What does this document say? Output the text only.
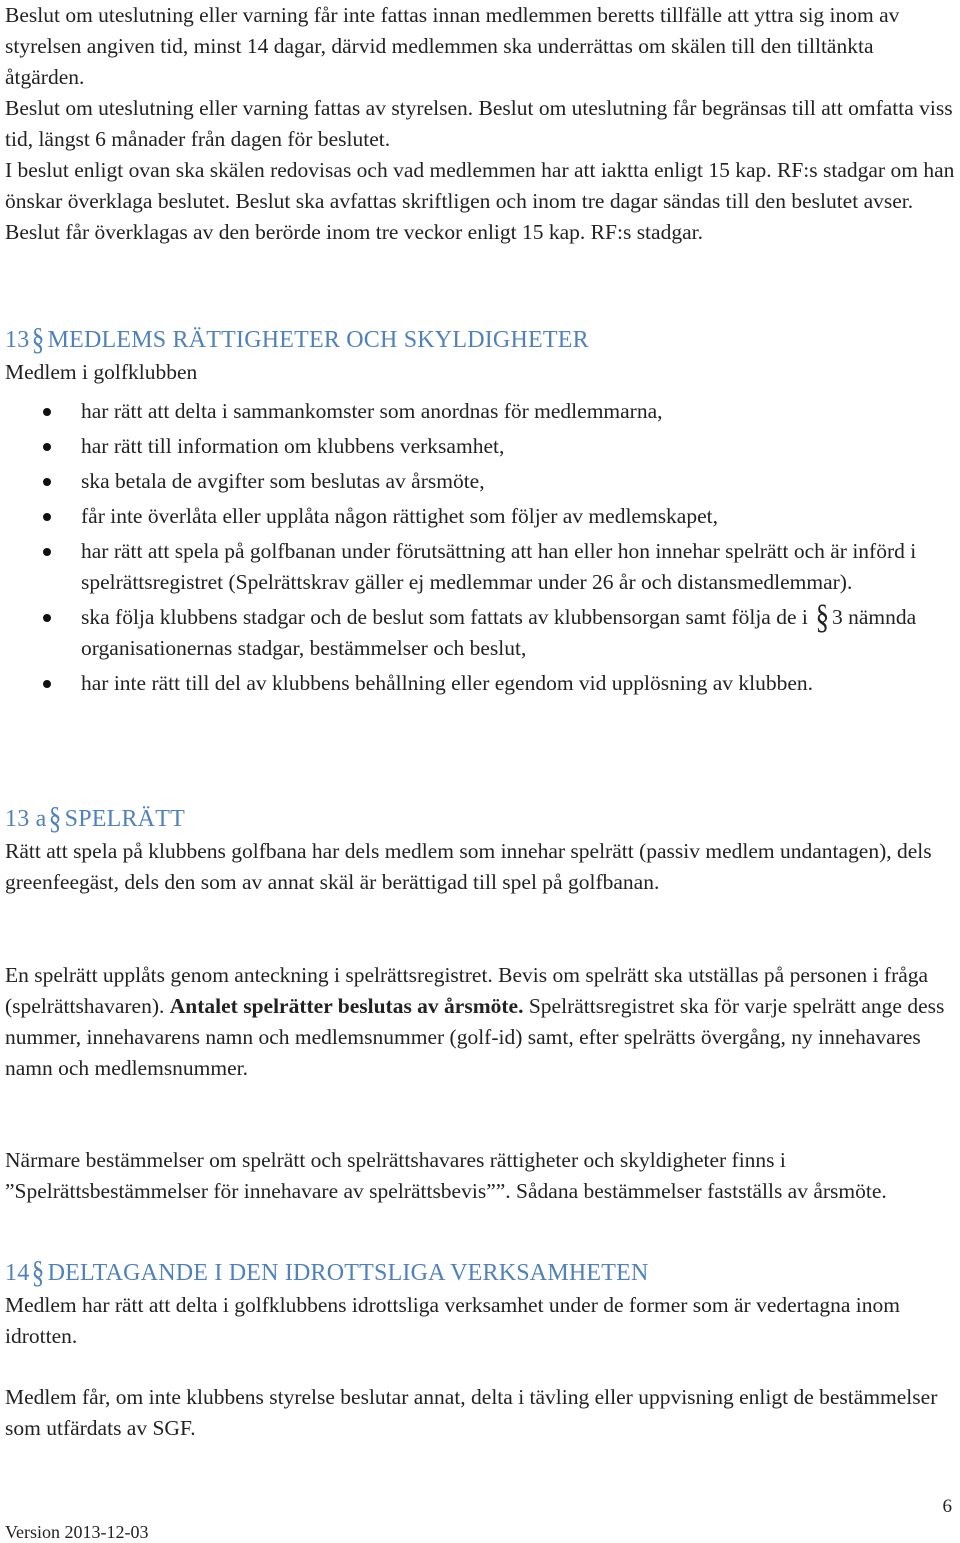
Beslut om uteslutning eller varning får inte fattas innan medlemmen beretts tillfälle att yttra sig inom av styrelsen angiven tid, minst 14 dagar, därvid medlemmen ska underrättas om skälen till den tilltänkta åtgärden.

Beslut om uteslutning eller varning fattas av styrelsen. Beslut om uteslutning får begränsas till att omfatta viss tid, längst 6 månader från dagen för beslutet.

I beslut enligt ovan ska skälen redovisas och vad medlemmen har att iaktta enligt 15 kap. RF:s stadgar om han önskar överklaga beslutet. Beslut ska avfattas skriftligen och inom tre dagar sändas till den beslutet avser. Beslut får överklagas av den berörde inom tre veckor enligt 15 kap. RF:s stadgar.

13 § MEDLEMS RÄTTIGHETER OCH SKYLDIGHETER

Medlem i golfklubben

har rätt att delta i sammankomster som anordnas för medlemmarna,
har rätt till information om klubbens verksamhet,
ska betala de avgifter som beslutas av årsmöte,
får inte överlåta eller upplåta någon rättighet som följer av medlemskapet,
har rätt att spela på golfbanan under förutsättning att han eller hon innehar spelrätt och är införd i spelrättsregistret (Spelrättskrav gäller ej medlemmar under 26 år och distansmedlemmar).
ska följa klubbens stadgar och de beslut som fattats av klubbensorgan samt följa de i § 3 nämnda organisationernas stadgar, bestämmelser och beslut,
har inte rätt till del av klubbens behållning eller egendom vid upplösning av klubben.
13 a § SPELRÄTT

Rätt att spela på klubbens golfbana har dels medlem som innehar spelrätt (passiv medlem undantagen), dels greenfeegäst, dels den som av annat skäl är berättigad till spel på golfbanan.

En spelrätt upplåts genom anteckning i spelrättsregistret. Bevis om spelrätt ska utställas på personen i fråga (spelrättshavaren). Antalet spelrätter beslutas av årsmöte. Spelrättsregistret ska för varje spelrätt ange dess nummer, innehavarens namn och medlemsnummer (golf-id) samt, efter spelrätts övergång, ny innehavares namn och medlemsnummer.

Närmare bestämmelser om spelrätt och spelrättshavares rättigheter och skyldigheter finns i ”Spelrättsbestämmelser för innehavare av spelrättsbevis””. Sådana bestämmelser fastställs av årsmöte.

14 § DELTAGANDE I DEN IDROTTSLIGA VERKSAMHETEN

Medlem har rätt att delta i golfklubbens idrottsliga verksamhet under de former som är vedertagna inom idrotten.

Medlem får, om inte klubbens styrelse beslutar annat, delta i tävling eller uppvisning enligt de bestämmelser som utfärdats av SGF.

6
Version 2013-12-03
